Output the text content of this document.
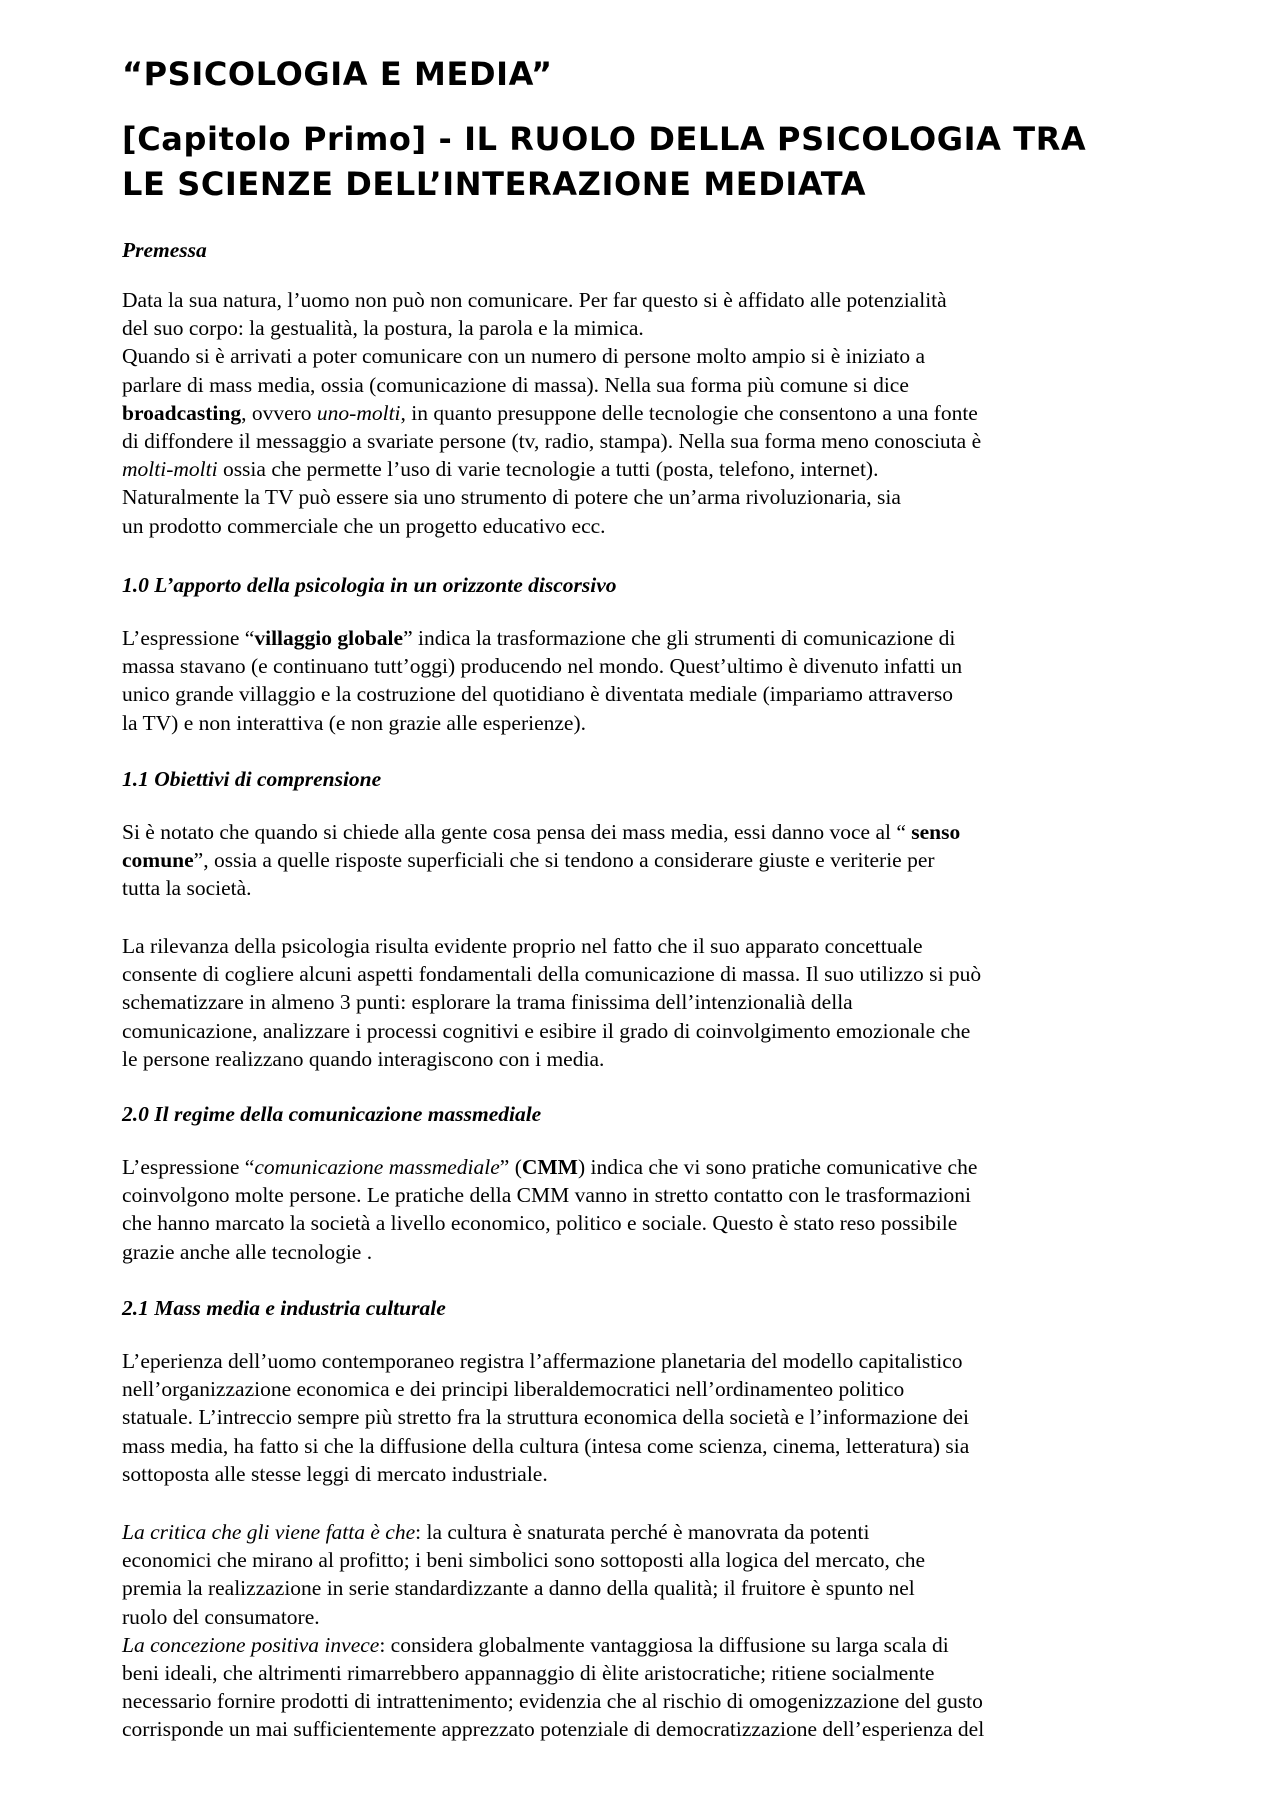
“PSICOLOGIA E MEDIA”
[Capitolo Primo] - IL RUOLO DELLA PSICOLOGIA TRA
LE SCIENZE DELL’INTERAZIONE MEDIATA
Premessa
Data la sua natura, l’uomo non può non comunicare. Per far questo si è affidato alle potenzialità
del suo corpo: la gestualità, la postura, la parola e la mimica.
Quando si è arrivati a poter comunicare con un numero di persone molto ampio si è iniziato a
parlare di mass media, ossia (comunicazione di massa). Nella sua forma più comune si dice
broadcasting, ovvero uno-molti, in quanto presuppone delle tecnologie che consentono a una fonte
di diffondere il messaggio a svariate persone (tv, radio, stampa). Nella sua forma meno conosciuta è
molti-molti ossia che permette l’uso di varie tecnologie a tutti (posta, telefono, internet).
Naturalmente la TV può essere sia uno strumento di potere che un’arma rivoluzionaria, sia
un prodotto commerciale che un progetto educativo ecc.
1.0 L’apporto della psicologia in un orizzonte discorsivo
L’espressione “villaggio globale” indica la trasformazione che gli strumenti di comunicazione di
massa stavano (e continuano tutt’oggi) producendo nel mondo. Quest’ultimo è divenuto infatti un
unico grande villaggio e la costruzione del quotidiano è diventata mediale (impariamo attraverso
la TV) e non interattiva (e non grazie alle esperienze).
1.1 Obiettivi di comprensione
Si è notato che quando si chiede alla gente cosa pensa dei mass media, essi danno voce al “ senso
comune”, ossia a quelle risposte superficiali che si tendono a considerare giuste e veriterie per
tutta la società.
La rilevanza della psicologia risulta evidente proprio nel fatto che il suo apparato concettuale
consente di cogliere alcuni aspetti fondamentali della comunicazione di massa. Il suo utilizzo si può
schematizzare in almeno 3 punti: esplorare la trama finissima dell’intenzionalià della
comunicazione, analizzare i processi cognitivi e esibire il grado di coinvolgimento emozionale che
le persone realizzano quando interagiscono con i media.
2.0 Il regime della comunicazione massmediale
L’espressione “comunicazione massmediale” (CMM) indica che vi sono pratiche comunicative che
coinvolgono molte persone. Le pratiche della CMM vanno in stretto contatto con le trasformazioni
che hanno marcato la società a livello economico, politico e sociale. Questo è stato reso possibile
grazie anche alle tecnologie .
2.1 Mass media e industria culturale
L’eperienza dell’uomo contemporaneo registra l’affermazione planetaria del modello capitalistico
nell’organizzazione economica e dei principi liberaldemocratici nell’ordinamenteo politico
statuale. L’intreccio sempre più stretto fra la struttura economica della società e l’informazione dei
mass media, ha fatto si che la diffusione della cultura (intesa come scienza, cinema, letteratura) sia
sottoposta alle stesse leggi di mercato industriale.
La critica che gli viene fatta è che: la cultura è snaturata perché è manovrata da potenti
economici che mirano al profitto; i beni simbolici sono sottoposti alla logica del mercato, che
premia la realizzazione in serie standardizzante a danno della qualità; il fruitore è spunto nel
ruolo del consumatore.
La concezione positiva invece: considera globalmente vantaggiosa la diffusione su larga scala di
beni ideali, che altrimenti rimarrebbero appannaggio di èlite aristocratiche; ritiene socialmente
necessario fornire prodotti di intrattenimento; evidenzia che al rischio di omogenizzazione del gusto
corrisponde un mai sufficientemente apprezzato potenziale di democratizzazione dell’esperienza del
